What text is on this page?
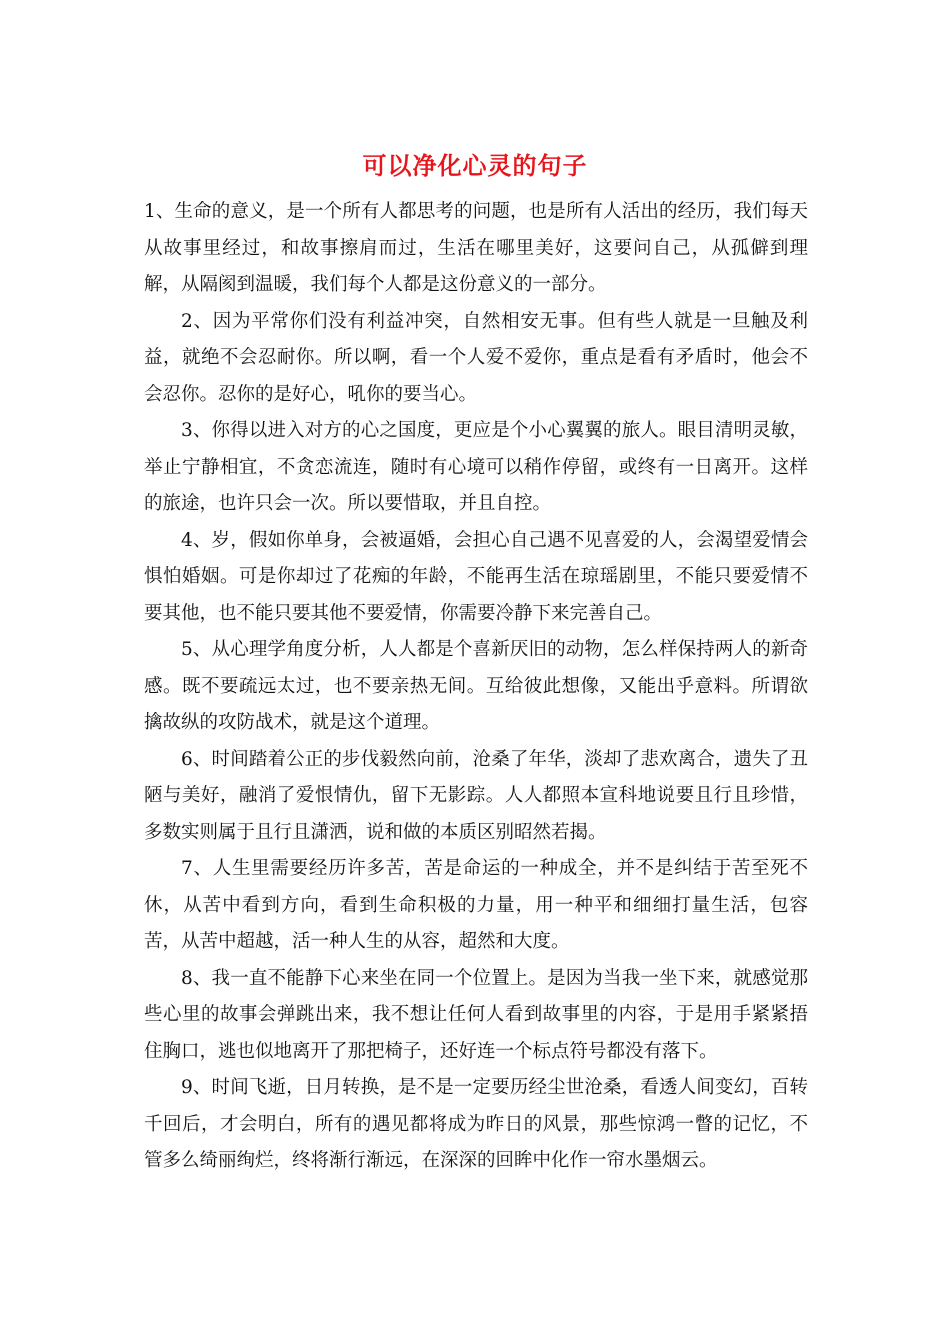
可以净化心灵的句子

1、生命的意义，是一个所有人都思考的问题，也是所有人活出的经历，我们每天从故事里经过，和故事擦肩而过，生活在哪里美好，这要问自己，从孤僻到理解，从隔阂到温暖，我们每个人都是这份意义的一部分。

2、因为平常你们没有利益冲突，自然相安无事。但有些人就是一旦触及利益，就绝不会忍耐你。所以啊，看一个人爱不爱你，重点是看有矛盾时，他会不会忍你。忍你的是好心，吼你的要当心。

3、你得以进入对方的心之国度，更应是个小心翼翼的旅人。眼目清明灵敏，举止宁静相宜，不贪恋流连，随时有心境可以稍作停留，或终有一日离开。这样的旅途，也许只会一次。所以要惜取，并且自控。

4、岁，假如你单身，会被逼婚，会担心自己遇不见喜爱的人，会渴望爱情会惧怕婚姻。可是你却过了花痴的年龄，不能再生活在琼瑶剧里，不能只要爱情不要其他，也不能只要其他不要爱情，你需要冷静下来完善自己。

5、从心理学角度分析，人人都是个喜新厌旧的动物，怎么样保持两人的新奇感。既不要疏远太过，也不要亲热无间。互给彼此想像，又能出乎意料。所谓欲擒故纵的攻防战术，就是这个道理。

6、时间踏着公正的步伐毅然向前，沧桑了年华，淡却了悲欢离合，遗失了丑陋与美好，融消了爱恨情仇，留下无影踪。人人都照本宣科地说要且行且珍惜，多数实则属于且行且潇洒，说和做的本质区别昭然若揭。

7、人生里需要经历许多苦，苦是命运的一种成全，并不是纠结于苦至死不休，从苦中看到方向，看到生命积极的力量，用一种平和细细打量生活，包容苦，从苦中超越，活一种人生的从容，超然和大度。

8、我一直不能静下心来坐在同一个位置上。是因为当我一坐下来，就感觉那些心里的故事会弹跳出来，我不想让任何人看到故事里的内容，于是用手紧紧捂住胸口，逃也似地离开了那把椅子，还好连一个标点符号都没有落下。

9、时间飞逝，日月转换，是不是一定要历经尘世沧桑，看透人间变幻，百转千回后，才会明白，所有的遇见都将成为昨日的风景，那些惊鸿一瞥的记忆，不管多么绮丽绚烂，终将渐行渐远，在深深的回眸中化作一帘水墨烟云。
